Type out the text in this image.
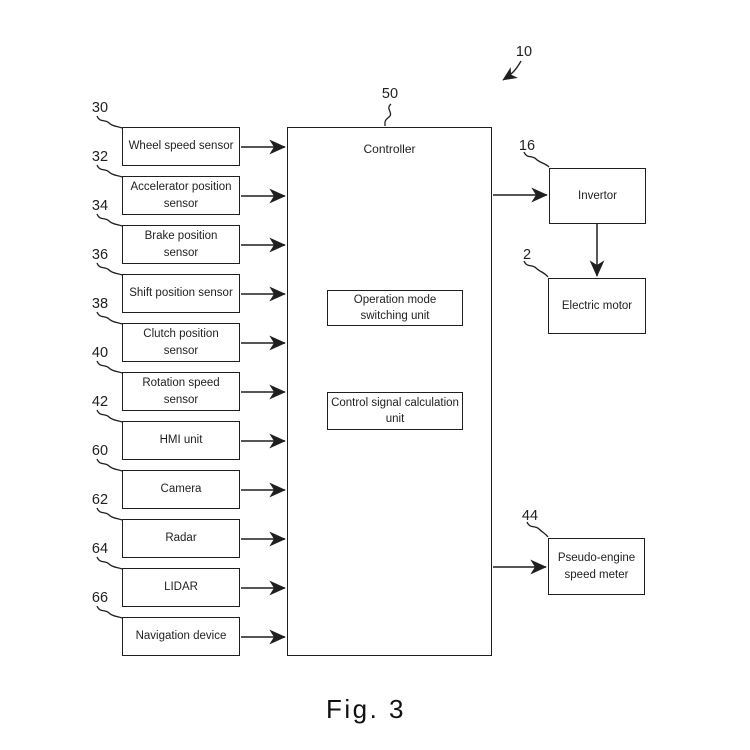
30
32
34
36
38
40
42
60
62
64
66
50
16
2
44
10
Wheel speed sensor
Accelerator position sensor
Brake position sensor
Shift position sensor
Clutch position sensor
Rotation speed sensor
HMI unit
Camera
Radar
LIDAR
Navigation device
Controller
Operation mode switching unit
Control signal calculation unit
Invertor
Electric motor
Pseudo-engine speed meter
Fig. 3
